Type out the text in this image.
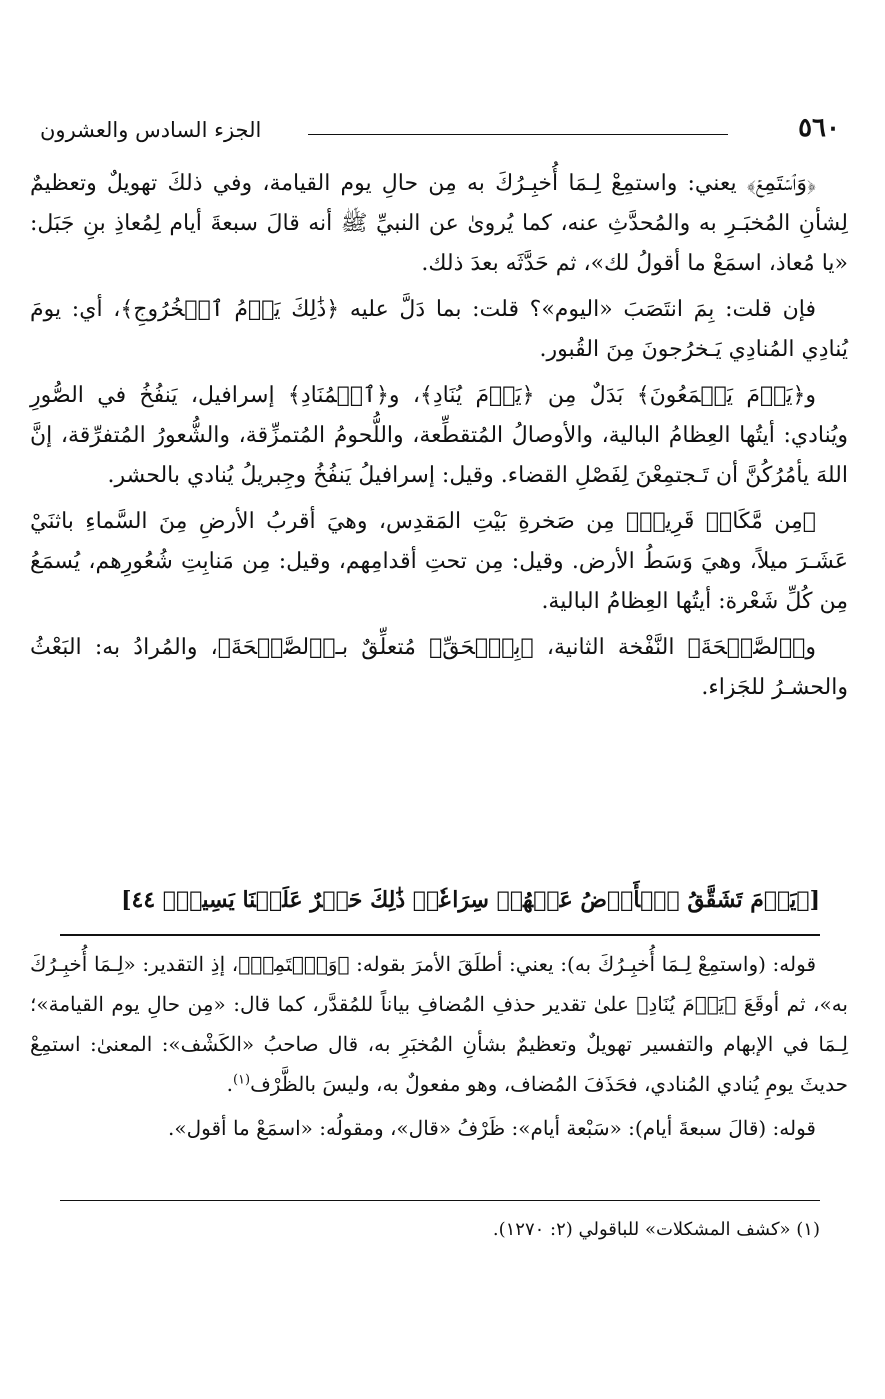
٥٦٠
الجزء السادس والعشرون

﴿وَٱسۡتَمِعۡ﴾ يعني: واستمِعْ لِـمَا أُخبِـرُكَ به مِن حالِ يوم القيامة، وفي ذلكَ تهويلٌ وتعظيمٌ لِشأنِ المُخبَـرِ به والمُحدَّثِ عنه، كما يُروىٰ عن النبيِّ ﷺ أنه قالَ سبعةَ أيام لِمُعاذِ بنِ جَبَل: «يا مُعاذ، اسمَعْ ما أقولُ لك»، ثم حَدَّثَه بعدَ ذلك.

فإن قلت: بِمَ انتَصَبَ «اليوم»؟ قلت: بما دَلَّ عليه ﴿ذَٰلِكَ يَوۡمُ ٱلۡخُرُوجِ﴾، أي: يومَ يُنادِي المُنادِي يَـخرُجونَ مِنَ القُبور.

و﴿يَوۡمَ يَسۡمَعُونَ﴾ بَدَلٌ مِن ﴿يَوۡمَ يُنَادِ﴾، و﴿ٱلۡمُنَادِ﴾ إسرافيل، يَنفُخُ في الصُّورِ ويُنادي: أيتُها العِظامُ البالية، والأوصالُ المُتقطِّعة، واللُّحومُ المُتمزِّقة، والشُّعورُ المُتفرِّقة، إنَّ اللهَ يأمُرُكُنَّ أن تَـجتمِعْنَ لِفَصْلِ القضاء. وقيل: إسرافيلُ يَنفُخُ وجِبريلُ يُنادي بالحشر.

﴿مِن مَّكَانٖ قَرِيبٖ﴾ مِن صَخرةِ بَيْتِ المَقدِس، وهيَ أقربُ الأرضِ مِنَ السَّماءِ باثنَيْ عَشَـرَ ميلاً، وهيَ وَسَطُ الأرض. وقيل: مِن تحتِ أقدامِهم، وقيل: مِن مَنابِتِ شُعُورِهم، يُسمَعُ مِن كُلِّ شَعْرة: أيتُها العِظامُ البالية.

و﴿ٱلصَّيۡحَةَ﴾ النَّفْخة الثانية، ﴿بِٱلۡحَقِّ﴾ مُتعلِّقٌ بـ﴿ٱلصَّيۡحَةَ﴾، والمُرادُ به: البَعْثُ والحشـرُ للجَزاء.

[﴿يَوۡمَ تَشَقَّقُ ٱلۡأَرۡضُ عَنۡهُمۡ سِرَاعٗاۚ ذَٰلِكَ حَشۡرٌ عَلَيۡنَا يَسِيرٞ﴾ ٤٤]

قوله: (واستمِعْ لِـمَا أُخبِـرُكَ به): يعني: أطلَقَ الأمرَ بقوله: ﴿وَٱسۡتَمِعۡ﴾، إذِ التقدير: «لِـمَا أُخبِـرُكَ به»، ثم أوقَعَ ﴿يَوۡمَ يُنَادِ﴾ علىٰ تقدير حذفِ المُضافِ بياناً للمُقدَّر، كما قال: «مِن حالِ يوم القيامة»؛ لِـمَا في الإبهام والتفسير تهويلٌ وتعظيمٌ بشأنِ المُخبَرِ به، قال صاحبُ «الكَشْف»: المعنىٰ: استمِعْ حديثَ يومِ يُنادي المُنادي، فحَذَفَ المُضاف، وهو مفعولٌ به، وليسَ بالظَّرْف$^{(١)}$.

قوله: (قالَ سبعةَ أيام): «سَبْعة أيام»: ظَرْفُ «قال»، ومقولُه: «اسمَعْ ما أقول».

(١) «كشف المشكلات» للباقولي (٢: ١٢٧٠).
